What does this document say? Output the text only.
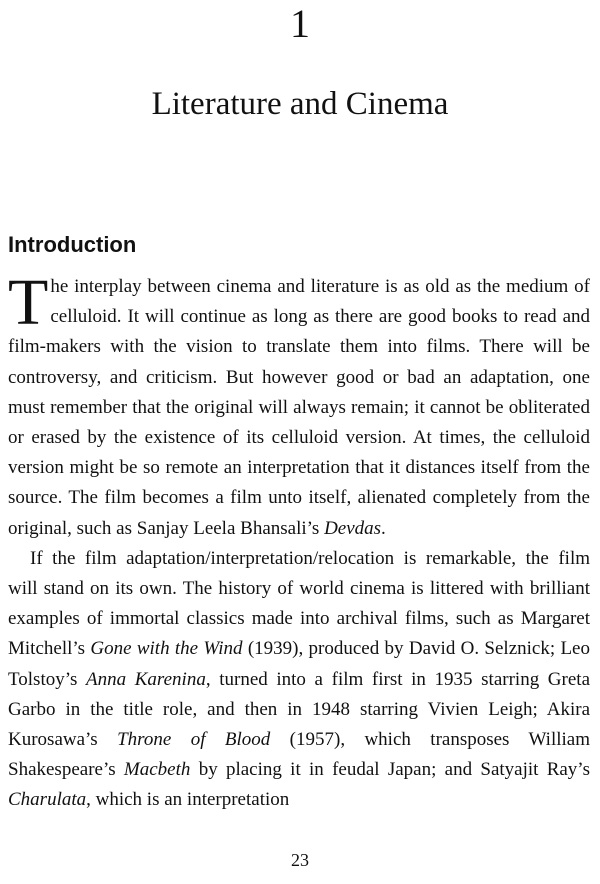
1
Literature and Cinema
Introduction

The interplay between cinema and literature is as old as the medium of celluloid. It will continue as long as there are good books to read and film-makers with the vision to translate them into films. There will be controversy, and criticism. But however good or bad an adaptation, one must remember that the original will always remain; it cannot be obliterated or erased by the existence of its celluloid version. At times, the celluloid version might be so remote an interpretation that it distances itself from the source. The film becomes a film unto itself, alienated completely from the original, such as Sanjay Leela Bhansali’s Devdas.

If the film adaptation/interpretation/relocation is remarkable, the film will stand on its own. The history of world cinema is littered with brilliant examples of immortal classics made into archival films, such as Margaret Mitchell’s Gone with the Wind (1939), produced by David O. Selznick; Leo Tolstoy’s Anna Karenina, turned into a film first in 1935 starring Greta Garbo in the title role, and then in 1948 starring Vivien Leigh; Akira Kurosawa’s Throne of Blood (1957), which transposes William Shakespeare’s Macbeth by placing it in feudal Japan; and Satyajit Ray’s Charulata, which is an interpretation

23
